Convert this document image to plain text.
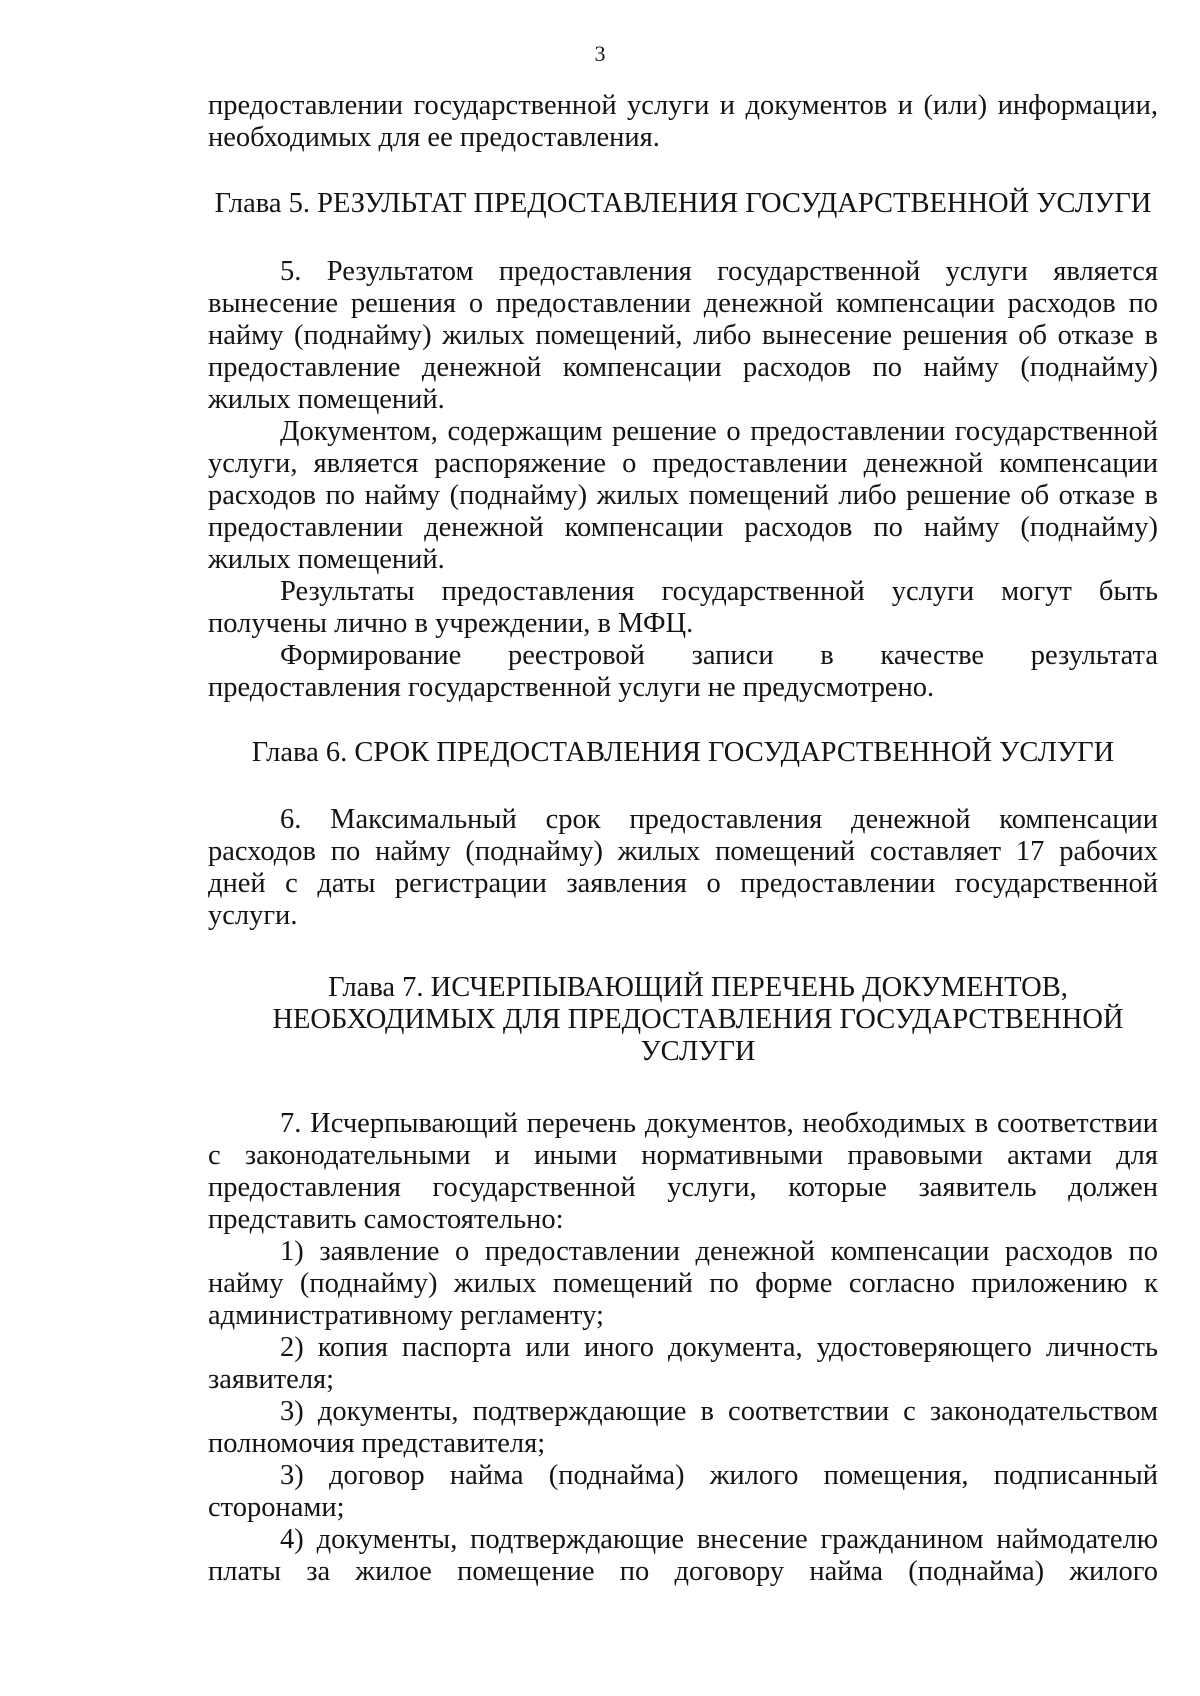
3

предоставлении государственной услуги и документов и (или) информации, необходимых для ее предоставления.

Глава 5. РЕЗУЛЬТАТ ПРЕДОСТАВЛЕНИЯ ГОСУДАРСТВЕННОЙ УСЛУГИ

5. Результатом предоставления государственной услуги является вынесение решения о предоставлении денежной компенсации расходов по найму (поднайму) жилых помещений, либо вынесение решения об отказе в предоставление денежной компенсации расходов по найму (поднайму) жилых помещений.

Документом, содержащим решение о предоставлении государственной услуги, является распоряжение о предоставлении денежной компенсации расходов по найму (поднайму) жилых помещений либо решение об отказе в предоставлении денежной компенсации расходов по найму (поднайму) жилых помещений.

Результаты предоставления государственной услуги могут быть получены лично в учреждении, в МФЦ.

Формирование реестровой записи в качестве результата предоставления государственной услуги не предусмотрено.

Глава 6. СРОК ПРЕДОСТАВЛЕНИЯ ГОСУДАРСТВЕННОЙ УСЛУГИ

6. Максимальный срок предоставления денежной компенсации расходов по найму (поднайму) жилых помещений составляет 17 рабочих дней с даты регистрации заявления о предоставлении государственной услуги.

Глава 7. ИСЧЕРПЫВАЮЩИЙ ПЕРЕЧЕНЬ ДОКУМЕНТОВ, НЕОБХОДИМЫХ ДЛЯ ПРЕДОСТАВЛЕНИЯ ГОСУДАРСТВЕННОЙ УСЛУГИ

7. Исчерпывающий перечень документов, необходимых в соответствии с законодательными и иными нормативными правовыми актами для предоставления государственной услуги, которые заявитель должен представить самостоятельно:

1) заявление о предоставлении денежной компенсации расходов по найму (поднайму) жилых помещений по форме согласно приложению к административному регламенту;

2) копия паспорта или иного документа, удостоверяющего личность заявителя;

3) документы, подтверждающие в соответствии с законодательством полномочия представителя;

3) договор найма (поднайма) жилого помещения, подписанный сторонами;

4) документы, подтверждающие внесение гражданином наймодателю платы за жилое помещение по договору найма (поднайма) жилого
